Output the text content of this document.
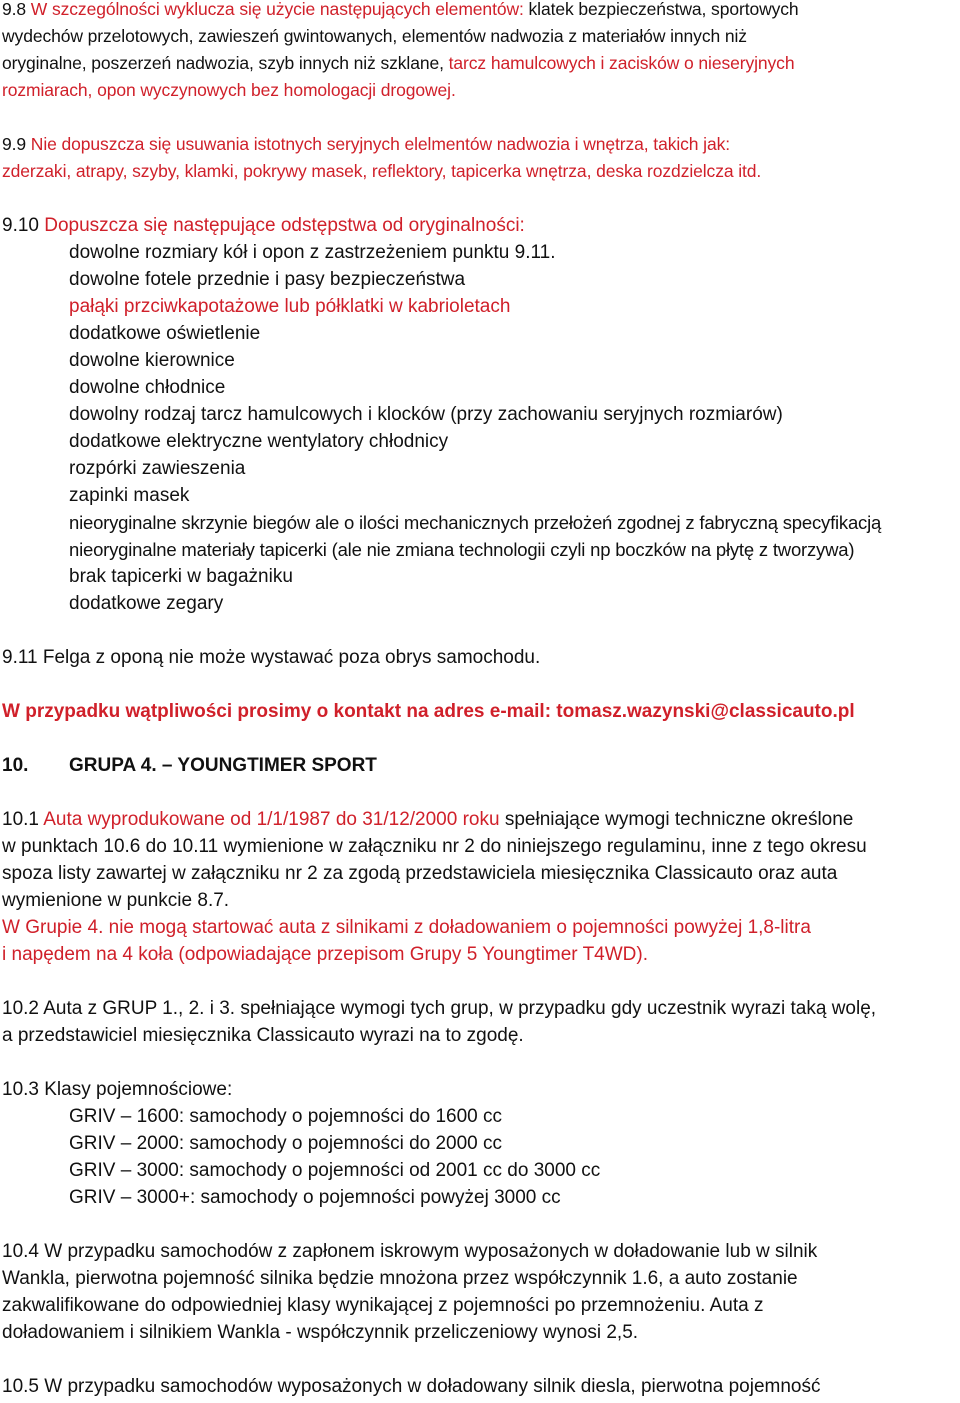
9.8 W szczególności wyklucza się użycie następujących elementów: klatek bezpieczeństwa, sportowych
wydechów przelotowych, zawieszeń gwintowanych, elementów nadwozia z materiałów innych niż
oryginalne, poszerzeń nadwozia, szyb innych niż szklane, tarcz hamulcowych i zacisków o nieseryjnych
rozmiarach, opon wyczynowych bez homologacji drogowej.
9.9 Nie dopuszcza się usuwania istotnych seryjnych elelmentów nadwozia i wnętrza, takich jak:
zderzaki, atrapy, szyby, klamki, pokrywy masek, reflektory, tapicerka wnętrza, deska rozdzielcza itd.
9.10 Dopuszcza się następujące odstępstwa od oryginalności:
dowolne rozmiary kół i opon z zastrzeżeniem punktu 9.11.
dowolne fotele przednie i pasy bezpieczeństwa
pałąki przciwkapotażowe lub półklatki w kabrioletach
dodatkowe oświetlenie
dowolne kierownice
dowolne chłodnice
dowolny rodzaj tarcz hamulcowych i klocków (przy zachowaniu seryjnych rozmiarów)
dodatkowe elektryczne wentylatory chłodnicy
rozpórki zawieszenia
zapinki masek
nieoryginalne skrzynie biegów ale o ilości mechanicznych przełożeń zgodnej z fabryczną specyfikacją
nieoryginalne materiały tapicerki (ale nie zmiana technologii czyli np boczków na płytę z tworzywa)
brak tapicerki w bagażniku
dodatkowe zegary
9.11 Felga z oponą nie może wystawać poza obrys samochodu.
W przypadku wątpliwości prosimy o kontakt na adres e-mail: tomasz.wazynski@classicauto.pl
10. GRUPA 4. – YOUNGTIMER SPORT
10.1 Auta wyprodukowane od 1/1/1987 do 31/12/2000 roku spełniające wymogi techniczne określone
w punktach 10.6 do 10.11 wymienione w załączniku nr 2 do niniejszego regulaminu, inne z tego okresu
spoza listy zawartej w załączniku nr 2 za zgodą przedstawiciela miesięcznika Classicauto oraz auta
wymienione w punkcie 8.7.
W Grupie 4. nie mogą startować auta z silnikami z doładowaniem o pojemności powyżej 1,8-litra
i napędem na 4 koła (odpowiadające przepisom Grupy 5 Youngtimer T4WD).
10.2 Auta z GRUP 1., 2. i 3. spełniające wymogi tych grup, w przypadku gdy uczestnik wyrazi taką wolę,
a przedstawiciel miesięcznika Classicauto wyrazi na to zgodę.
10.3 Klasy pojemnościowe:
GRIV – 1600: samochody o pojemności do 1600 cc
GRIV – 2000: samochody o pojemności do 2000 cc
GRIV – 3000: samochody o pojemności od 2001 cc do 3000 cc
GRIV – 3000+: samochody o pojemności powyżej 3000 cc
10.4 W przypadku samochodów z zapłonem iskrowym wyposażonych w doładowanie lub w silnik
Wankla, pierwotna pojemność silnika będzie mnożona przez współczynnik 1.6, a auto zostanie
zakwalifikowane do odpowiedniej klasy wynikającej z pojemności po przemnożeniu. Auta z
doładowaniem i silnikiem Wankla - współczynnik przeliczeniowy wynosi 2,5.
10.5 W przypadku samochodów wyposażonych w doładowany silnik diesla, pierwotna pojemność
